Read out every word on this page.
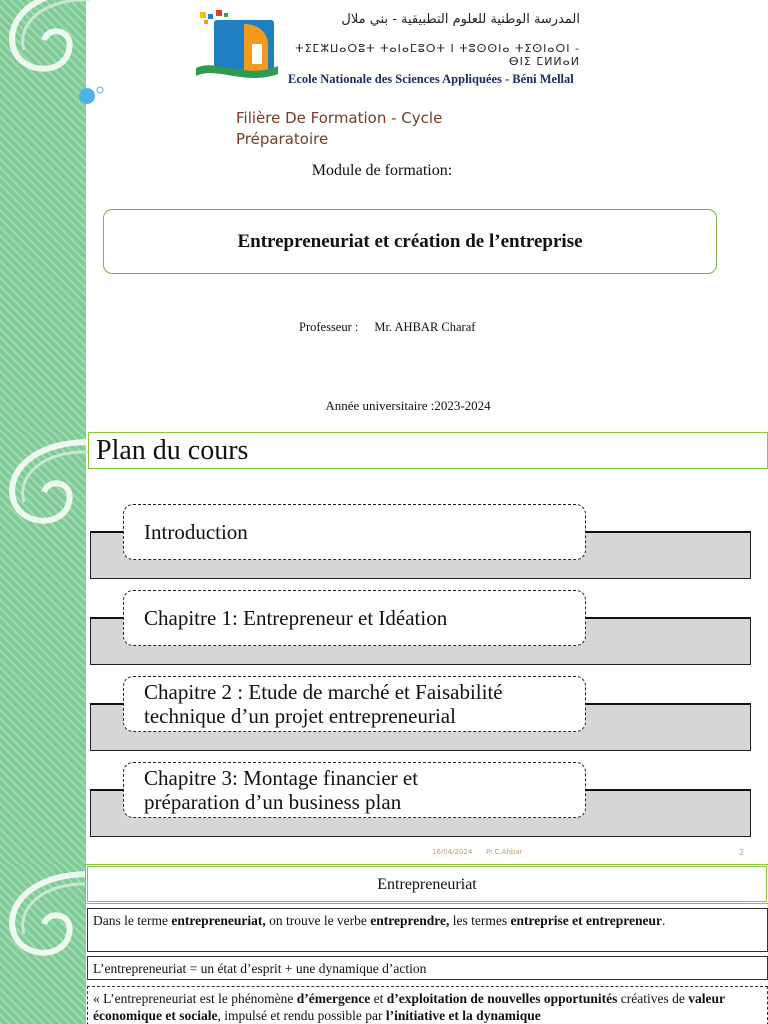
المدرسة الوطنية للعلوم التطبيقية - بني ملال
ⵜⵉⵎⵣⵡⴰⵔⵓⵜ ⵜⴰⵏⴰⵎⵓⵔⵜ ⵏ ⵜⵓⵙⵙⵏⴰ ⵜⵉⵙⵏⴰⵔⵏ - ⴱⵏⵉ ⵎⵍⵍⴰⵍ
Ecole Nationale des Sciences Appliquées - Béni Mellal
Filière De Formation - Cycle
Préparatoire
Module de formation:
Entrepreneuriat et création de l’entreprise
Professeur : Mr. AHBAR Charaf
Année universitaire :2023-2024
Plan du cours
Introduction
Chapitre 1: Entrepreneur et Idéation
Chapitre 2 : Etude de marché et Faisabilité
technique d’un projet entrepreneurial
Chapitre 3: Montage financier et
préparation d’un business plan
16/04/2024 Pr.C.Ahbar	2
Entrepreneuriat
Dans le terme entrepreneuriat, on trouve le verbe entreprendre, les termes entreprise et entrepreneur.
L’entrepreneuriat = un état d’esprit + une dynamique d’action
« L’entrepreneuriat est le phénomène d’émergence et d’exploitation de nouvelles opportunités créatives de valeur économique et sociale, impulsé et rendu possible par l’initiative et la dynamique
